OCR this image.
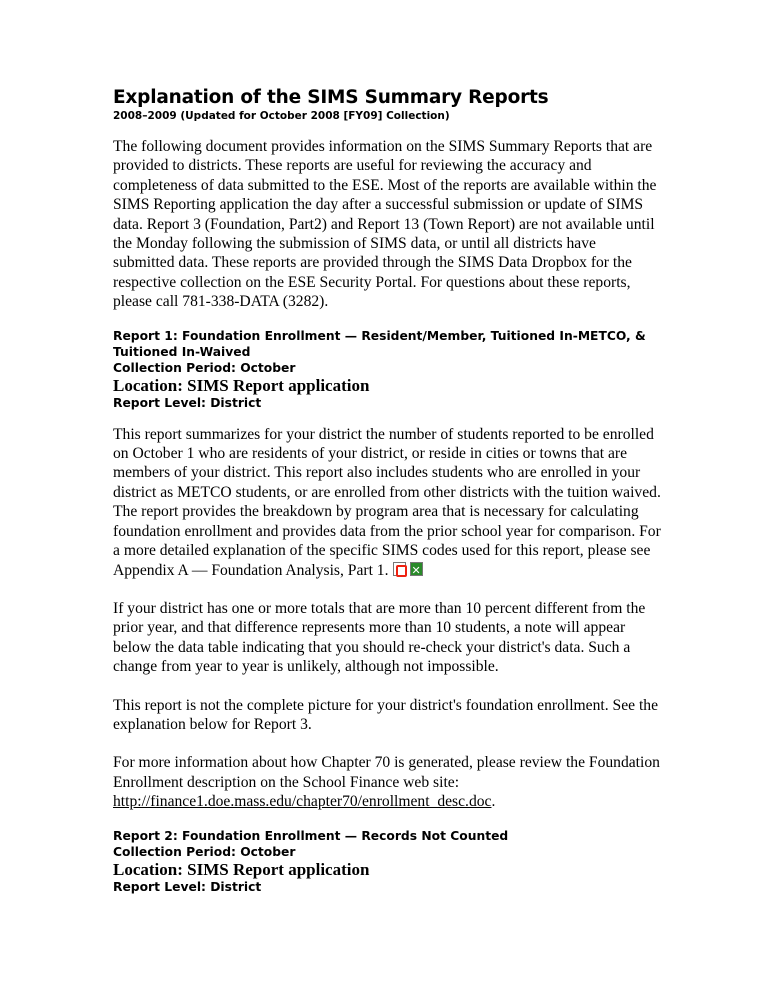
Explanation of the SIMS Summary Reports
2008–2009 (Updated for October 2008 [FY09] Collection)

The following document provides information on the SIMS Summary Reports that are provided to districts. These reports are useful for reviewing the accuracy and completeness of data submitted to the ESE. Most of the reports are available within the SIMS Reporting application the day after a successful submission or update of SIMS data. Report 3 (Foundation, Part2) and Report 13 (Town Report) are not available until the Monday following the submission of SIMS data, or until all districts have submitted data. These reports are provided through the SIMS Data Dropbox for the respective collection on the ESE Security Portal. For questions about these reports, please call 781-338-DATA (3282).

Report 1: Foundation Enrollment — Resident/Member, Tuitioned In-METCO, & Tuitioned In-Waived
Collection Period: October
Location: SIMS Report application
Report Level: District

This report summarizes for your district the number of students reported to be enrolled on October 1 who are residents of your district, or reside in cities or towns that are members of your district. This report also includes students who are enrolled in your district as METCO students, or are enrolled from other districts with the tuition waived. The report provides the breakdown by program area that is necessary for calculating foundation enrollment and provides data from the prior school year for comparison. For a more detailed explanation of the specific SIMS codes used for this report, please see Appendix A — Foundation Analysis, Part 1.✕

If your district has one or more totals that are more than 10 percent different from the prior year, and that difference represents more than 10 students, a note will appear below the data table indicating that you should re-check your district's data. Such a change from year to year is unlikely, although not impossible.

This report is not the complete picture for your district's foundation enrollment. See the explanation below for Report 3.

For more information about how Chapter 70 is generated, please review the Foundation Enrollment description on the School Finance web site: http://finance1.doe.mass.edu/chapter70/enrollment_desc.doc.

Report 2: Foundation Enrollment — Records Not Counted
Collection Period: October
Location: SIMS Report application
Report Level: District
